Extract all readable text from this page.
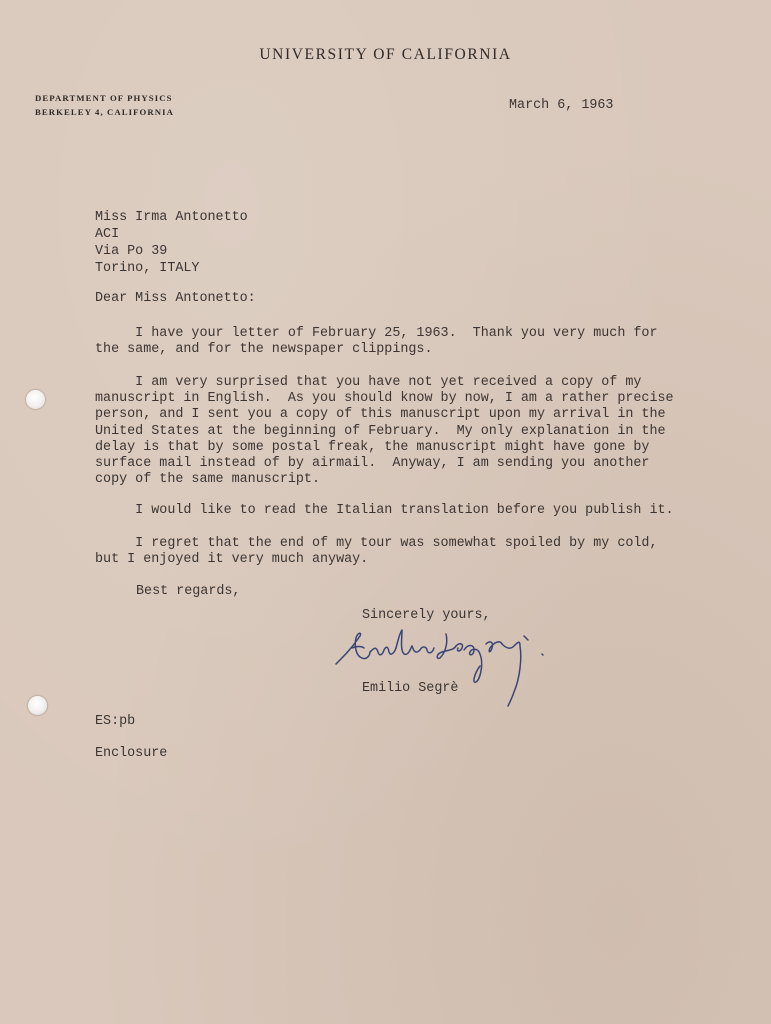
UNIVERSITY OF CALIFORNIA
DEPARTMENT OF PHYSICS
BERKELEY 4, CALIFORNIA	March 6, 1963
Miss Irma Antonetto
ACI
Via Po 39
Torino, ITALY
Dear Miss Antonetto:
I have your letter of February 25, 1963.  Thank you very much for
the same, and for the newspaper clippings.
I am very surprised that you have not yet received a copy of my
manuscript in English.  As you should know by now, I am a rather precise
person, and I sent you a copy of this manuscript upon my arrival in the
United States at the beginning of February.  My only explanation in the
delay is that by some postal freak, the manuscript might have gone by
surface mail instead of by airmail.  Anyway, I am sending you another
copy of the same manuscript.
I would like to read the Italian translation before you publish it.
I regret that the end of my tour was somewhat spoiled by my cold,
but I enjoyed it very much anyway.
Best regards,
Sincerely yours,
Emilio Segrè
ES:pb
Enclosure
